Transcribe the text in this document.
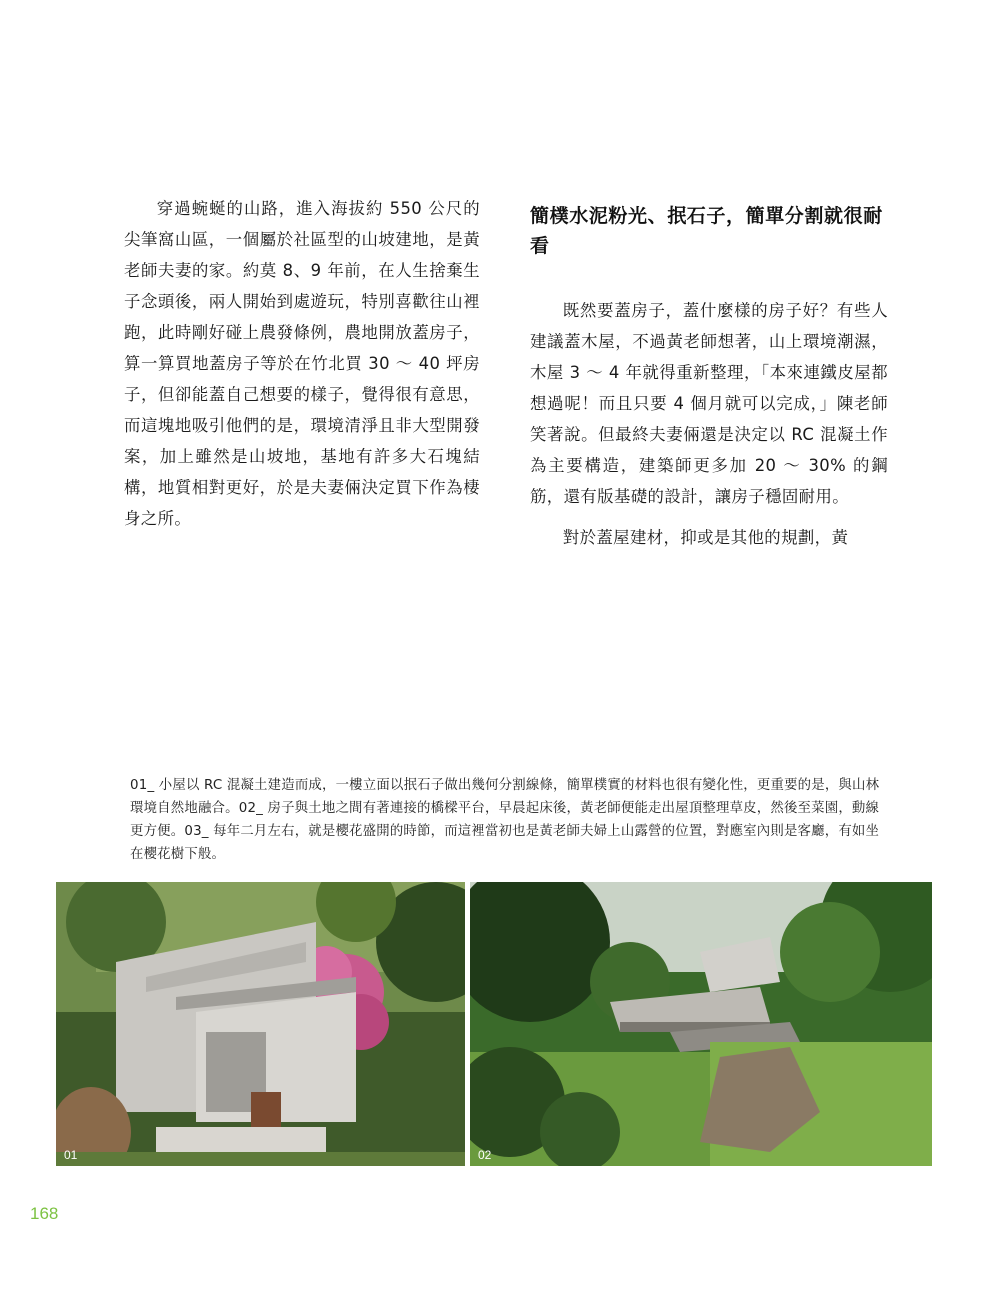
穿過蜿蜒的山路，進入海拔約 550 公尺的尖筆窩山區，一個屬於社區型的山坡建地，是黃老師夫妻的家。約莫 8、9 年前，在人生捨棄生子念頭後，兩人開始到處遊玩，特別喜歡往山裡跑，此時剛好碰上農發條例，農地開放蓋房子，算一算買地蓋房子等於在竹北買 30 ～ 40 坪房子，但卻能蓋自己想要的樣子，覺得很有意思，而這塊地吸引他們的是，環境清淨且非大型開發案，加上雖然是山坡地，基地有許多大石塊結構，地質相對更好，於是夫妻倆決定買下作為棲身之所。

簡樸水泥粉光、抿石子，簡單分割就很耐看

既然要蓋房子，蓋什麼樣的房子好？有些人建議蓋木屋，不過黃老師想著，山上環境潮濕，木屋 3 ～ 4 年就得重新整理，「本來連鐵皮屋都想過呢！而且只要 4 個月就可以完成，」陳老師笑著說。但最終夫妻倆還是決定以 RC 混凝土作為主要構造，建築師更多加 20 ～ 30% 的鋼筋，還有版基礎的設計，讓房子穩固耐用。

對於蓋屋建材，抑或是其他的規劃，黃

01_ 小屋以 RC 混凝土建造而成，一樓立面以抿石子做出幾何分割線條，簡單樸實的材料也很有變化性，更重要的是，與山林環境自然地融合。02_ 房子與土地之間有著連接的橋樑平台，早晨起床後，黃老師便能走出屋頂整理草皮，然後至菜園，動線更方便。03_ 每年二月左右，就是櫻花盛開的時節，而這裡當初也是黃老師夫婦上山露營的位置，對應室內則是客廳，有如坐在櫻花樹下般。
01	02
168
